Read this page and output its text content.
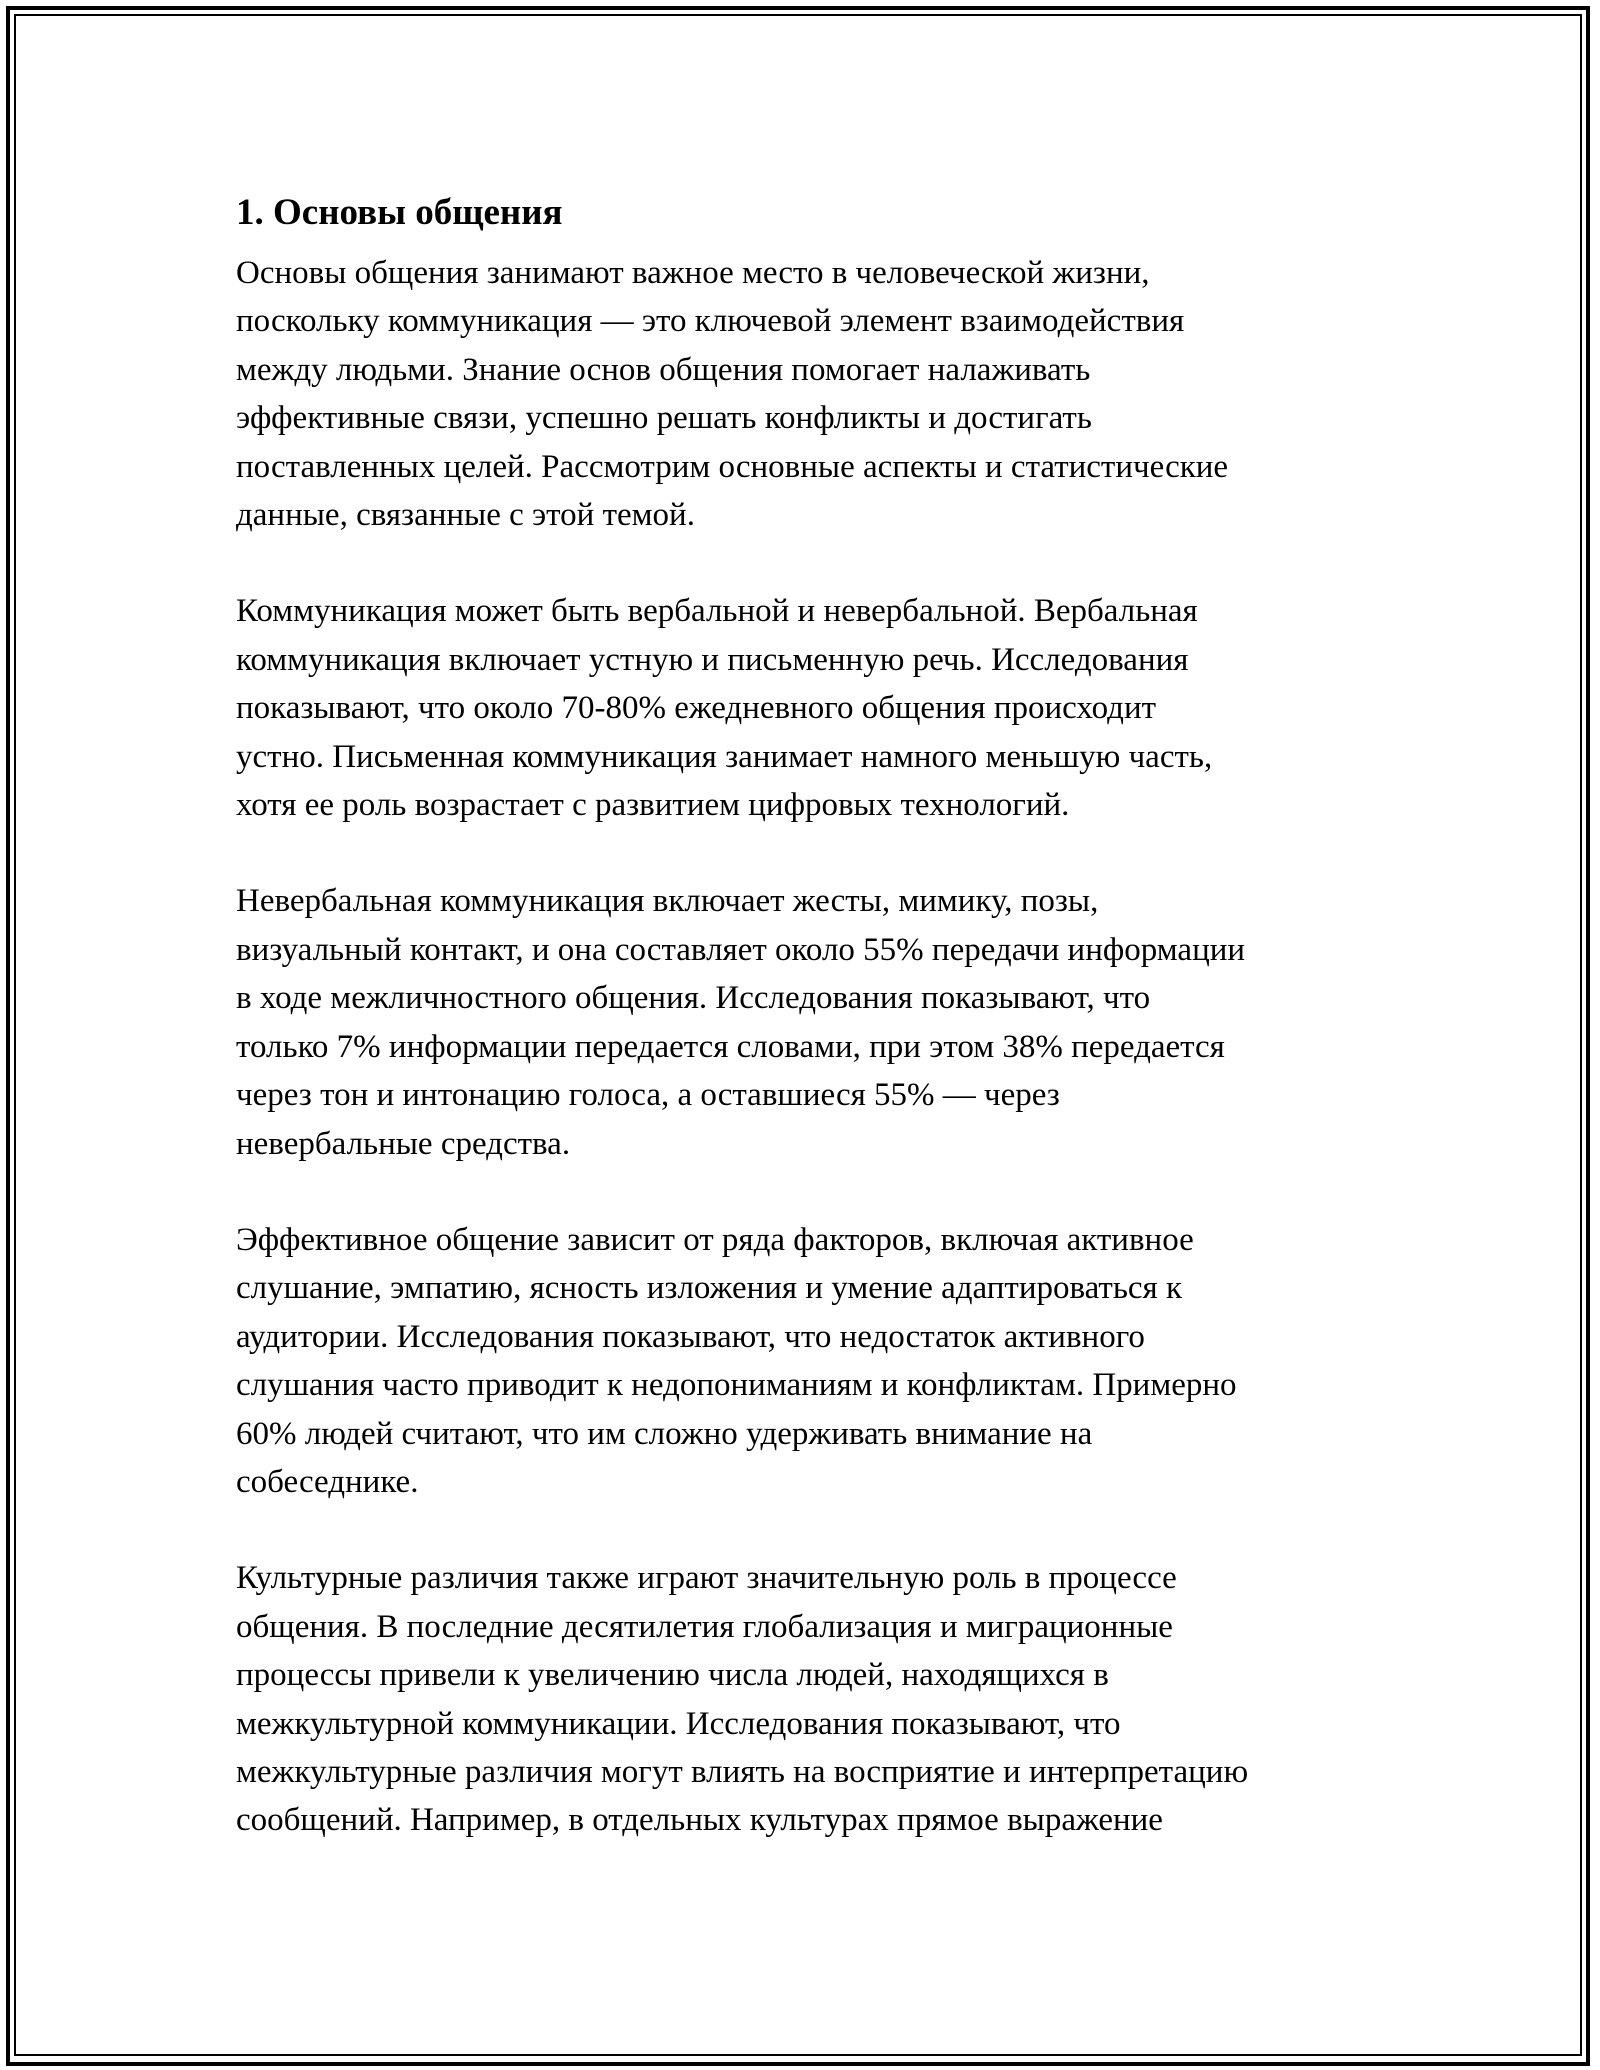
1. Основы общения

Основы общения занимают важное место в человеческой жизни,
поскольку коммуникация — это ключевой элемент взаимодействия
между людьми. Знание основ общения помогает налаживать
эффективные связи, успешно решать конфликты и достигать
поставленных целей. Рассмотрим основные аспекты и статистические
данные, связанные с этой темой.

Коммуникация может быть вербальной и невербальной. Вербальная
коммуникация включает устную и письменную речь. Исследования
показывают, что около 70-80% ежедневного общения происходит
устно. Письменная коммуникация занимает намного меньшую часть,
хотя ее роль возрастает с развитием цифровых технологий.

Невербальная коммуникация включает жесты, мимику, позы,
визуальный контакт, и она составляет около 55% передачи информации
в ходе межличностного общения. Исследования показывают, что
только 7% информации передается словами, при этом 38% передается
через тон и интонацию голоса, а оставшиеся 55% — через
невербальные средства.

Эффективное общение зависит от ряда факторов, включая активное
слушание, эмпатию, ясность изложения и умение адаптироваться к
аудитории. Исследования показывают, что недостаток активного
слушания часто приводит к недопониманиям и конфликтам. Примерно
60% людей считают, что им сложно удерживать внимание на
собеседнике.

Культурные различия также играют значительную роль в процессе
общения. В последние десятилетия глобализация и миграционные
процессы привели к увеличению числа людей, находящихся в
межкультурной коммуникации. Исследования показывают, что
межкультурные различия могут влиять на восприятие и интерпретацию
сообщений. Например, в отдельных культурах прямое выражение
